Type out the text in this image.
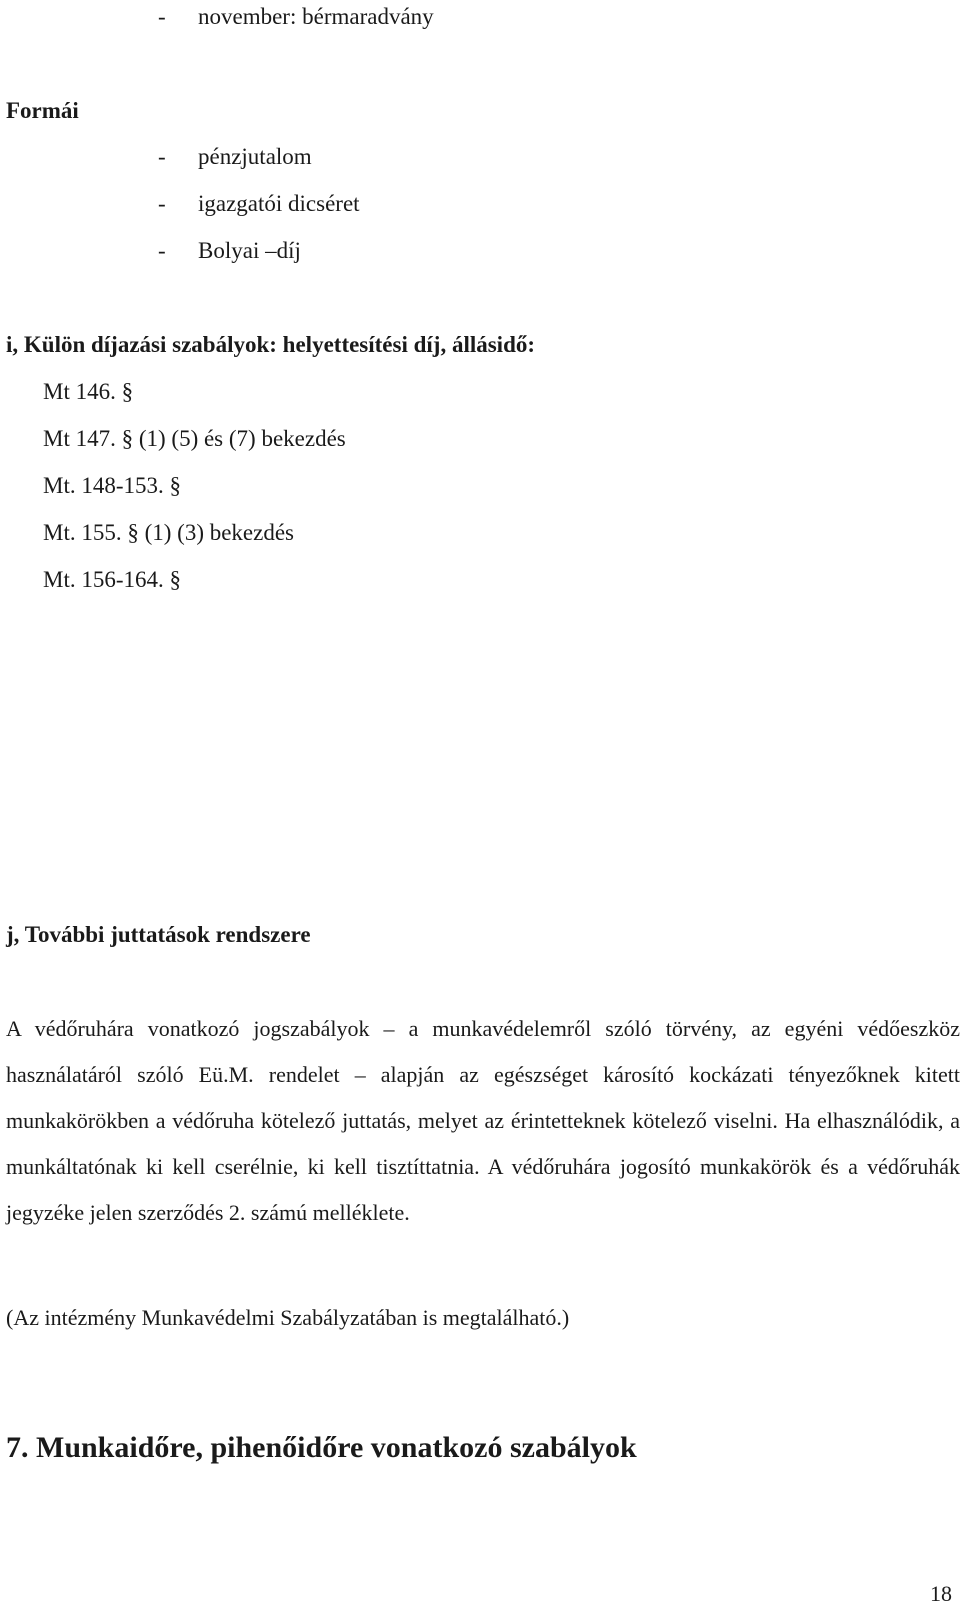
- november: bérmaradvány
Formái
- pénzjutalom
- igazgatói dicséret
- Bolyai –díj
i, Külön díjazási szabályok: helyettesítési díj, állásidő:
Mt 146. §
Mt 147. § (1) (5) és (7) bekezdés
Mt. 148-153. §
Mt. 155. § (1) (3) bekezdés
Mt. 156-164. §
j, További juttatások rendszere

A védőruhára vonatkozó jogszabályok – a munkavédelemről szóló törvény, az egyéni védőeszköz használatáról szóló Eü.M. rendelet – alapján az egészséget károsító kockázati tényezőknek kitett munkakörökben a védőruha kötelező juttatás, melyet az érintetteknek kötelező viselni. Ha elhasználódik, a munkáltatónak ki kell cserélnie, ki kell tisztíttatnia. A védőruhára jogosító munkakörök és a védőruhák jegyzéke jelen szerződés 2. számú melléklete.

(Az intézmény Munkavédelmi Szabályzatában is megtalálható.)
7. Munkaidőre, pihenőidőre vonatkozó szabályok
18
